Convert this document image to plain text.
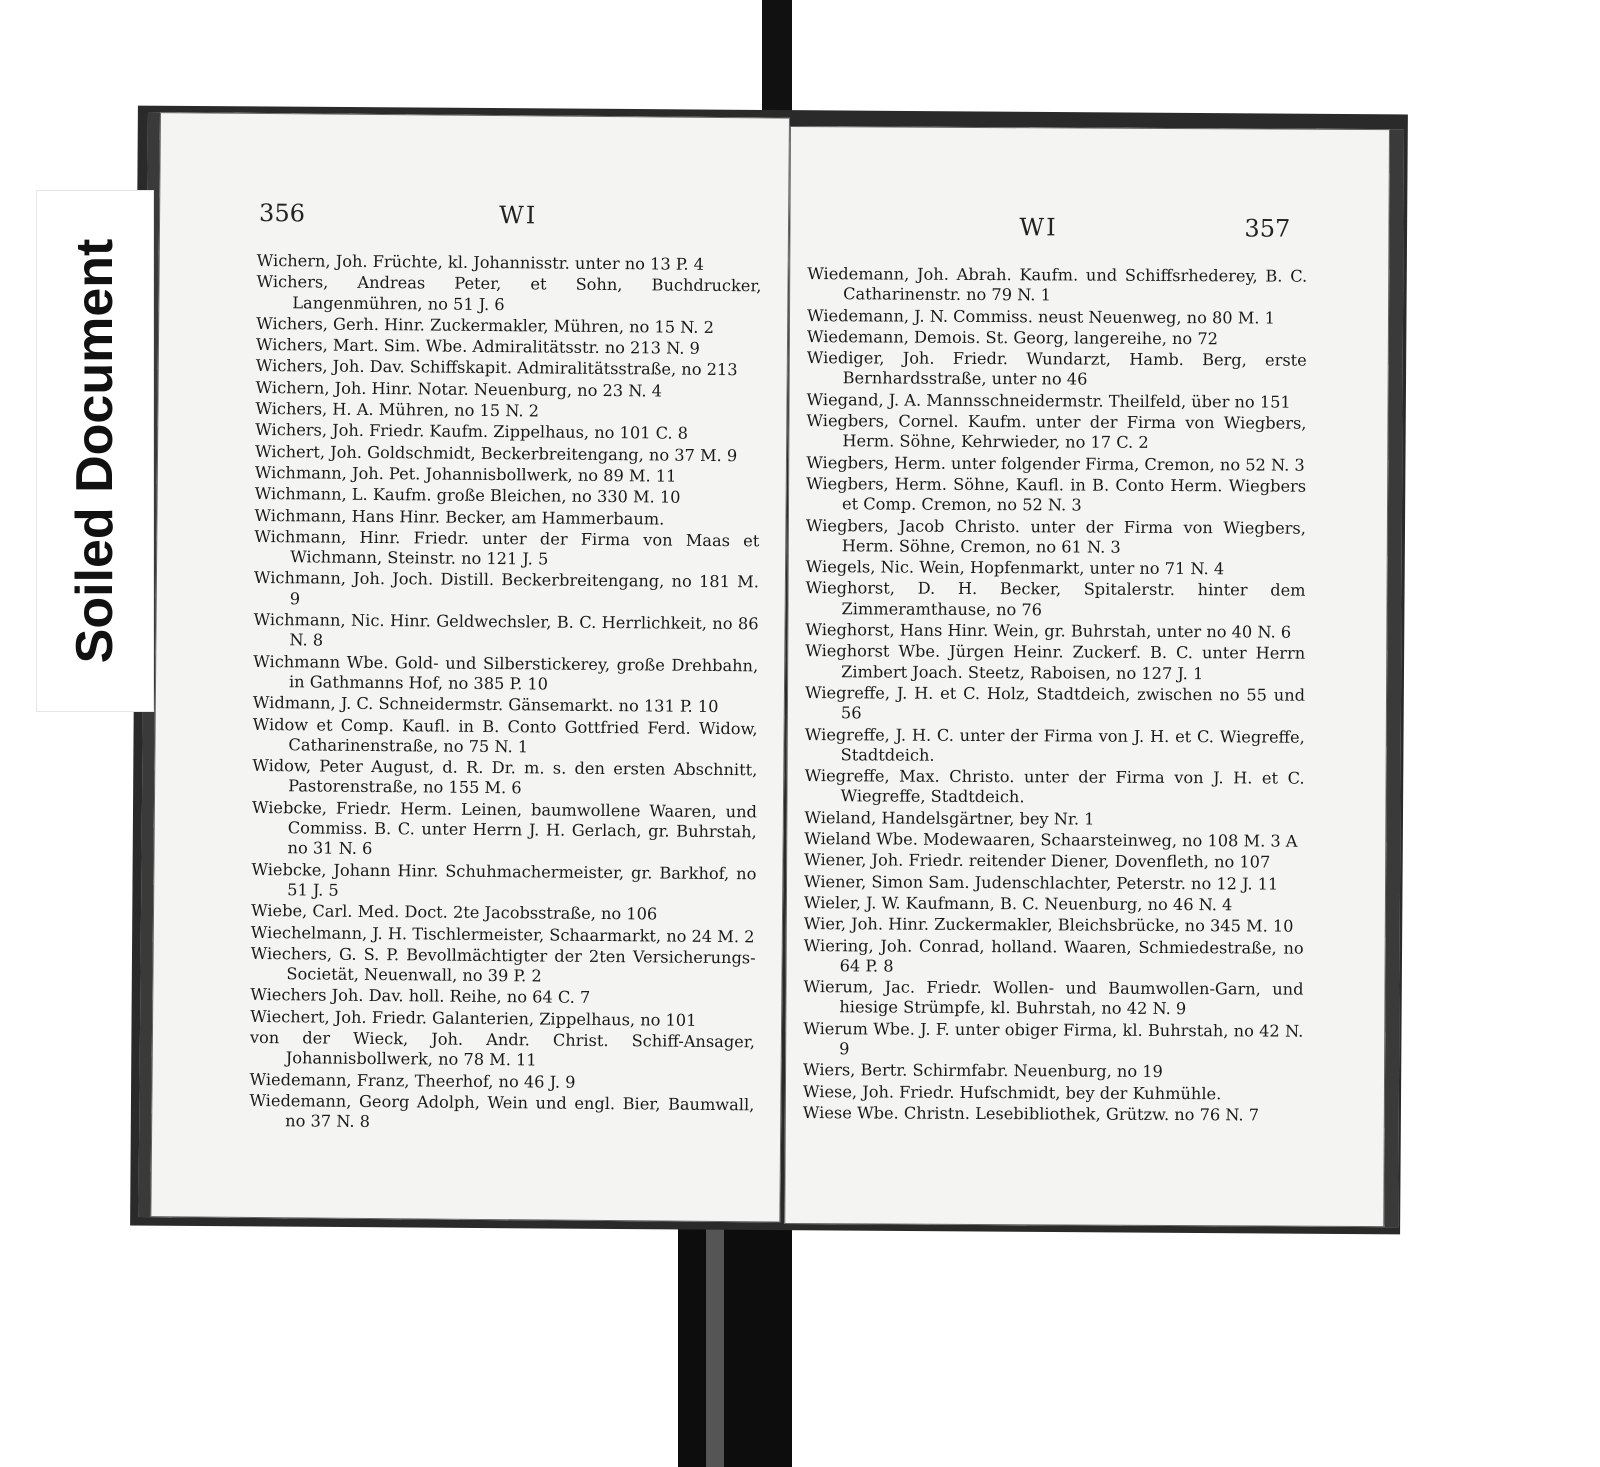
356	WI
Wichern, Joh. Früchte, kl. Johannisstr. unter no 13 P. 4
Wichers, Andreas Peter, et Sohn, Buchdrucker, Langenmühren, no 51 J. 6
Wichers, Gerh. Hinr. Zuckermakler, Mühren, no 15 N. 2
Wichers, Mart. Sim. Wbe. Admiralitätsstr. no 213 N. 9
Wichers, Joh. Dav. Schiffskapit. Admiralitätsstraße, no 213
Wichern, Joh. Hinr. Notar. Neuenburg, no 23 N. 4
Wichers, H. A. Mühren, no 15 N. 2
Wichers, Joh. Friedr. Kaufm. Zippelhaus, no 101 C. 8
Wichert, Joh. Goldschmidt, Beckerbreitengang, no 37 M. 9
Wichmann, Joh. Pet. Johannisbollwerk, no 89 M. 11
Wichmann, L. Kaufm. große Bleichen, no 330 M. 10
Wichmann, Hans Hinr. Becker, am Hammerbaum.
Wichmann, Hinr. Friedr. unter der Firma von Maas et Wichmann, Steinstr. no 121 J. 5
Wichmann, Joh. Joch. Distill. Beckerbreitengang, no 181 M. 9
Wichmann, Nic. Hinr. Geldwechsler, B. C. Herrlichkeit, no 86 N. 8
Wichmann Wbe. Gold- und Silberstickerey, große Drehbahn, in Gathmanns Hof, no 385 P. 10
Widmann, J. C. Schneidermstr. Gänsemarkt. no 131 P. 10
Widow et Comp. Kaufl. in B. Conto Gottfried Ferd. Widow, Catharinenstraße, no 75 N. 1
Widow, Peter August, d. R. Dr. m. s. den ersten Abschnitt, Pastorenstraße, no 155 M. 6
Wiebcke, Friedr. Herm. Leinen, baumwollene Waaren, und Commiss. B. C. unter Herrn J. H. Gerlach, gr. Buhrstah, no 31 N. 6
Wiebcke, Johann Hinr. Schuhmachermeister, gr. Barkhof, no 51 J. 5
Wiebe, Carl. Med. Doct. 2te Jacobsstraße, no 106
Wiechelmann, J. H. Tischlermeister, Schaarmarkt, no 24 M. 2
Wiechers, G. S. P. Bevollmächtigter der 2ten Versicherungs-Societät, Neuenwall, no 39 P. 2
Wiechers Joh. Dav. holl. Reihe, no 64 C. 7
Wiechert, Joh. Friedr. Galanterien, Zippelhaus, no 101
von der Wieck, Joh. Andr. Christ. Schiff-Ansager, Johannisbollwerk, no 78 M. 11
Wiedemann, Franz, Theerhof, no 46 J. 9
Wiedemann, Georg Adolph, Wein und engl. Bier, Baumwall, no 37 N. 8
WI	357
Wiedemann, Joh. Abrah. Kaufm. und Schiffsrhederey, B. C. Catharinenstr. no 79 N. 1
Wiedemann, J. N. Commiss. neust Neuenweg, no 80 M. 1
Wiedemann, Demois. St. Georg, langereihe, no 72
Wiediger, Joh. Friedr. Wundarzt, Hamb. Berg, erste Bernhardsstraße, unter no 46
Wiegand, J. A. Mannsschneidermstr. Theilfeld, über no 151
Wiegbers, Cornel. Kaufm. unter der Firma von Wiegbers, Herm. Söhne, Kehrwieder, no 17 C. 2
Wiegbers, Herm. unter folgender Firma, Cremon, no 52 N. 3
Wiegbers, Herm. Söhne, Kaufl. in B. Conto Herm. Wiegbers et Comp. Cremon, no 52 N. 3
Wiegbers, Jacob Christo. unter der Firma von Wiegbers, Herm. Söhne, Cremon, no 61 N. 3
Wiegels, Nic. Wein, Hopfenmarkt, unter no 71 N. 4
Wieghorst, D. H. Becker, Spitalerstr. hinter dem Zimmeramthause, no 76
Wieghorst, Hans Hinr. Wein, gr. Buhrstah, unter no 40 N. 6
Wieghorst Wbe. Jürgen Heinr. Zuckerf. B. C. unter Herrn Zimbert Joach. Steetz, Raboisen, no 127 J. 1
Wiegreffe, J. H. et C. Holz, Stadtdeich, zwischen no 55 und 56
Wiegreffe, J. H. C. unter der Firma von J. H. et C. Wiegreffe, Stadtdeich.
Wiegreffe, Max. Christo. unter der Firma von J. H. et C. Wiegreffe, Stadtdeich.
Wieland, Handelsgärtner, bey Nr. 1
Wieland Wbe. Modewaaren, Schaarsteinweg, no 108 M. 3 A
Wiener, Joh. Friedr. reitender Diener, Dovenfleth, no 107
Wiener, Simon Sam. Judenschlachter, Peterstr. no 12 J. 11
Wieler, J. W. Kaufmann, B. C. Neuenburg, no 46 N. 4
Wier, Joh. Hinr. Zuckermakler, Bleichsbrücke, no 345 M. 10
Wiering, Joh. Conrad, holland. Waaren, Schmiedestraße, no 64 P. 8
Wierum, Jac. Friedr. Wollen- und Baumwollen-Garn, und hiesige Strümpfe, kl. Buhrstah, no 42 N. 9
Wierum Wbe. J. F. unter obiger Firma, kl. Buhrstah, no 42 N. 9
Wiers, Bertr. Schirmfabr. Neuenburg, no 19
Wiese, Joh. Friedr. Hufschmidt, bey der Kuhmühle.
Wiese Wbe. Christn. Lesebibliothek, Grützw. no 76 N. 7
Soiled Document
